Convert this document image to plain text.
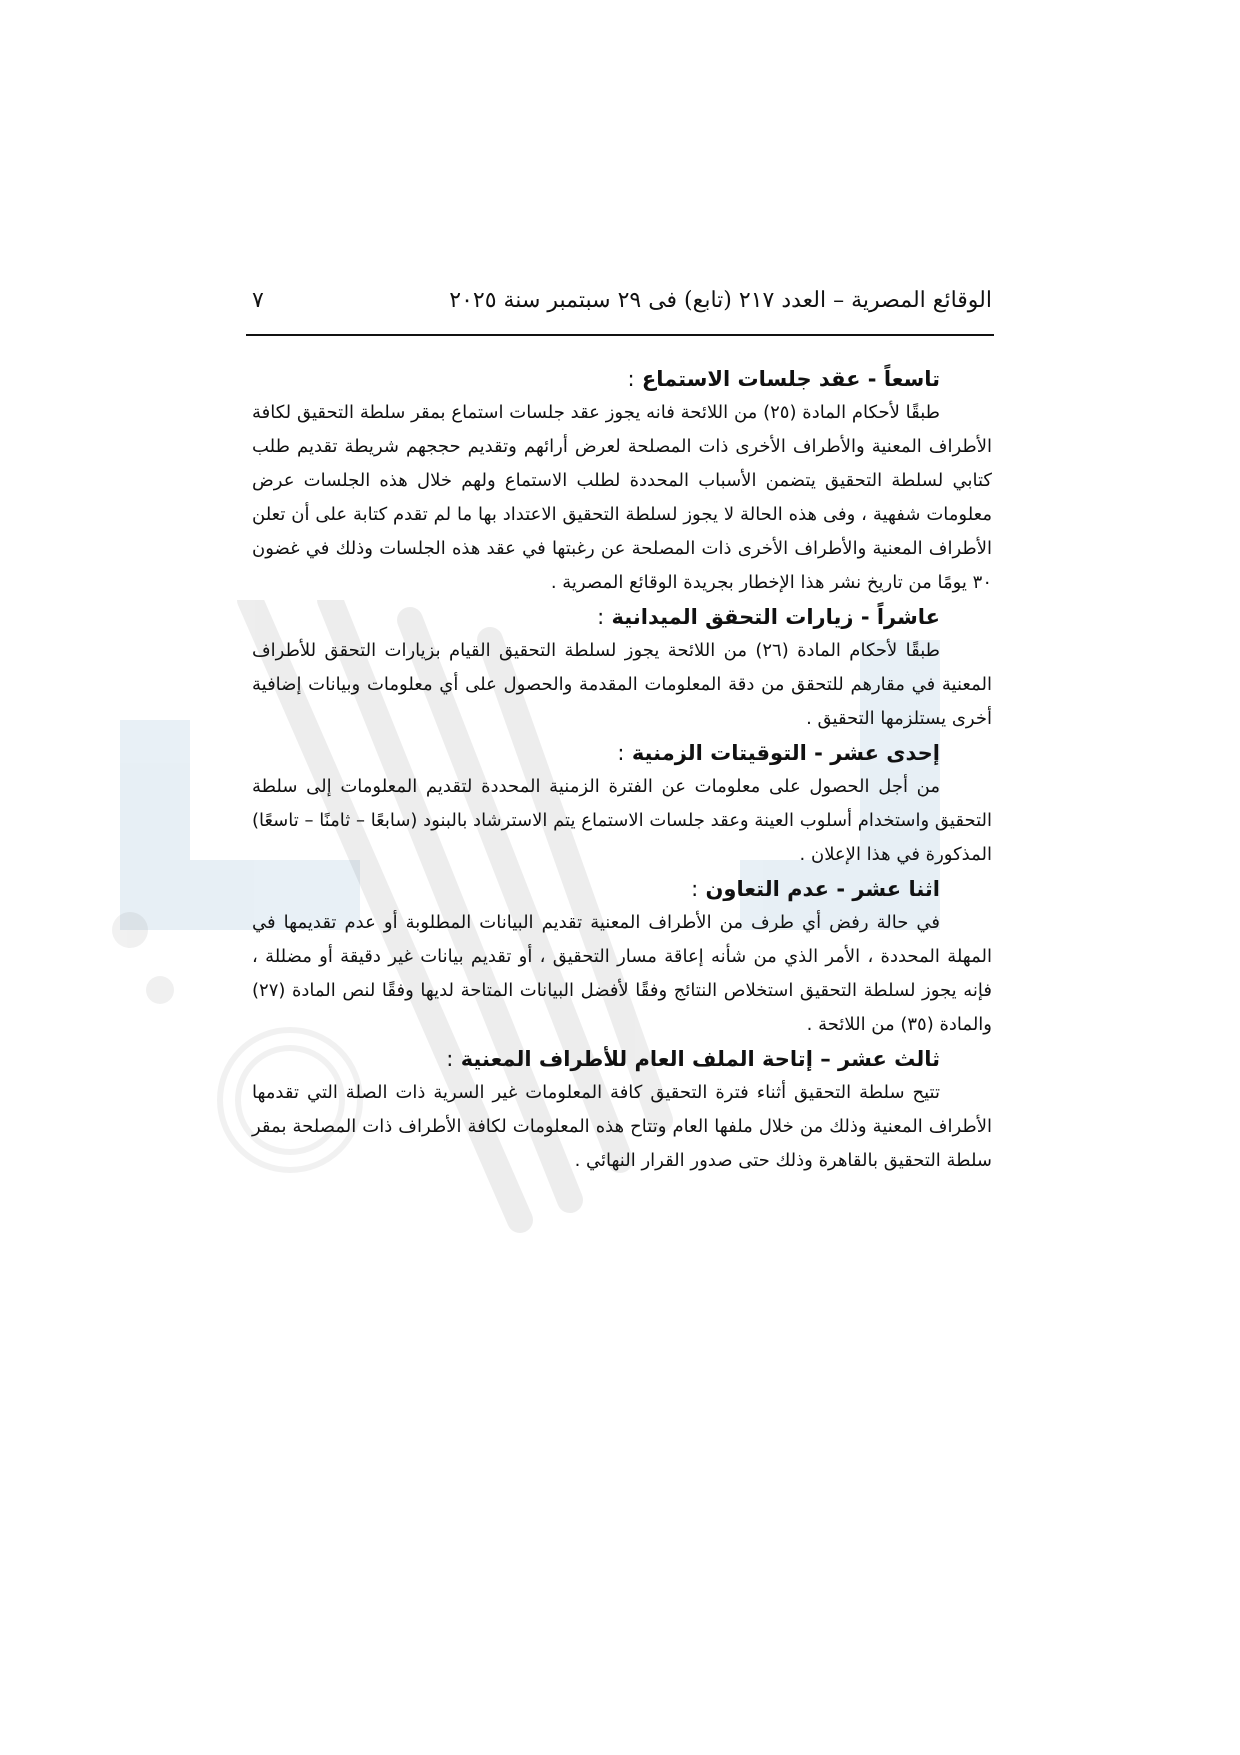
الوقائع المصرية – العدد ٢١٧ (تابع) فى ٢٩ سبتمبر سنة ٢٠٢٥
٧
تاسعاً - عقد جلسات الاستماع :

طبقًا لأحكام المادة (٢٥) من اللائحة فانه يجوز عقد جلسات استماع بمقر سلطة التحقيق لكافة الأطراف المعنية والأطراف الأخرى ذات المصلحة لعرض أرائهم وتقديم حججهم شريطة تقديم طلب كتابي لسلطة التحقيق يتضمن الأسباب المحددة لطلب الاستماع ولهم خلال هذه الجلسات عرض معلومات شفهية ، وفى هذه الحالة لا يجوز لسلطة التحقيق الاعتداد بها ما لم تقدم كتابة على أن تعلن الأطراف المعنية والأطراف الأخرى ذات المصلحة عن رغبتها في عقد هذه الجلسات وذلك في غضون ٣٠ يومًا من تاريخ نشر هذا الإخطار بجريدة الوقائع المصرية .

عاشراً - زيارات التحقق الميدانية :

طبقًا لأحكام المادة (٢٦) من اللائحة يجوز لسلطة التحقيق القيام بزيارات التحقق للأطراف المعنية في مقارهم للتحقق من دقة المعلومات المقدمة والحصول على أي معلومات وبيانات إضافية أخرى يستلزمها التحقيق .

إحدى عشر - التوقيتات الزمنية :

من أجل الحصول على معلومات عن الفترة الزمنية المحددة لتقديم المعلومات إلى سلطة التحقيق واستخدام أسلوب العينة وعقد جلسات الاستماع يتم الاسترشاد بالبنود (سابعًا – ثامنًا – تاسعًا) المذكورة في هذا الإعلان .

اثنا عشر - عدم التعاون :

في حالة رفض أي طرف من الأطراف المعنية تقديم البيانات المطلوبة أو عدم تقديمها في المهلة المحددة ، الأمر الذي من شأنه إعاقة مسار التحقيق ، أو تقديم بيانات غير دقيقة أو مضللة ، فإنه يجوز لسلطة التحقيق استخلاص النتائج وفقًا لأفضل البيانات المتاحة لديها وفقًا لنص المادة (٢٧) والمادة (٣٥) من اللائحة .

ثالث عشر – إتاحة الملف العام للأطراف المعنية :

تتيح سلطة التحقيق أثناء فترة التحقيق كافة المعلومات غير السرية ذات الصلة التي تقدمها الأطراف المعنية وذلك من خلال ملفها العام وتتاح هذه المعلومات لكافة الأطراف ذات المصلحة بمقر سلطة التحقيق بالقاهرة وذلك حتى صدور القرار النهائي .
